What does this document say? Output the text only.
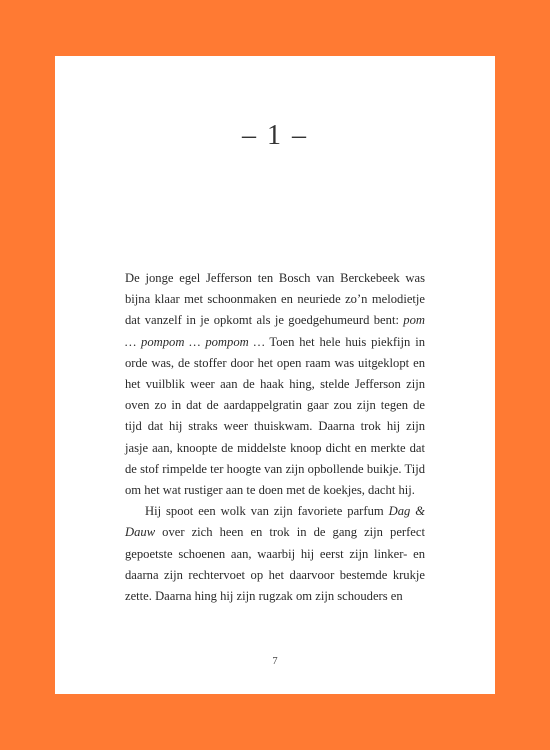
– 1 –

De jonge egel Jefferson ten Bosch van Berckebeek was bijna klaar met schoonmaken en neuriede zo’n melodietje dat vanzelf in je opkomt als je goedgehumeurd bent: pom … pompom … pompom … Toen het hele huis piekfijn in orde was, de stoffer door het open raam was uitgeklopt en het vuilblik weer aan de haak hing, stelde Jefferson zijn oven zo in dat de aardappelgratin gaar zou zijn tegen de tijd dat hij straks weer thuiskwam. Daarna trok hij zijn jasje aan, knoopte de middelste knoop dicht en merkte dat de stof rimpelde ter hoogte van zijn opbollende buikje. Tijd om het wat rustiger aan te doen met de koekjes, dacht hij.

Hij spoot een wolk van zijn favoriete parfum Dag & Dauw over zich heen en trok in de gang zijn perfect gepoetste schoenen aan, waarbij hij eerst zijn linker- en daarna zijn rechtervoet op het daarvoor bestemde krukje zette. Daarna hing hij zijn rugzak om zijn schouders en

7
